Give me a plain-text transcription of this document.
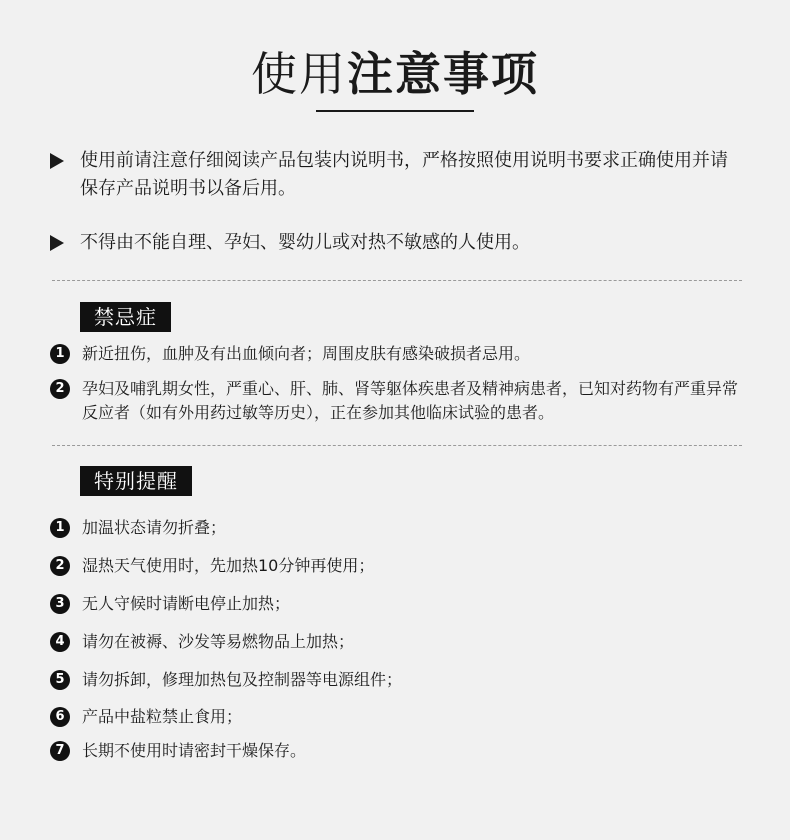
使用注意事项
使用前请注意仔细阅读产品包装内说明书，严格按照使用说明书要求正确使用并请保存产品说明书以备后用。
不得由不能自理、孕妇、婴幼儿或对热不敏感的人使用。
禁忌症
1	新近扭伤，血肿及有出血倾向者；周围皮肤有感染破损者忌用。
2	孕妇及哺乳期女性，严重心、肝、肺、肾等躯体疾患者及精神病患者，已知对药物有严重异常反应者（如有外用药过敏等历史），正在参加其他临床试验的患者。
特别提醒
1	加温状态请勿折叠；
2	湿热天气使用时，先加热10分钟再使用；
3	无人守候时请断电停止加热；
4	请勿在被褥、沙发等易燃物品上加热；
5	请勿拆卸，修理加热包及控制器等电源组件；
6	产品中盐粒禁止食用；
7	长期不使用时请密封干燥保存。
